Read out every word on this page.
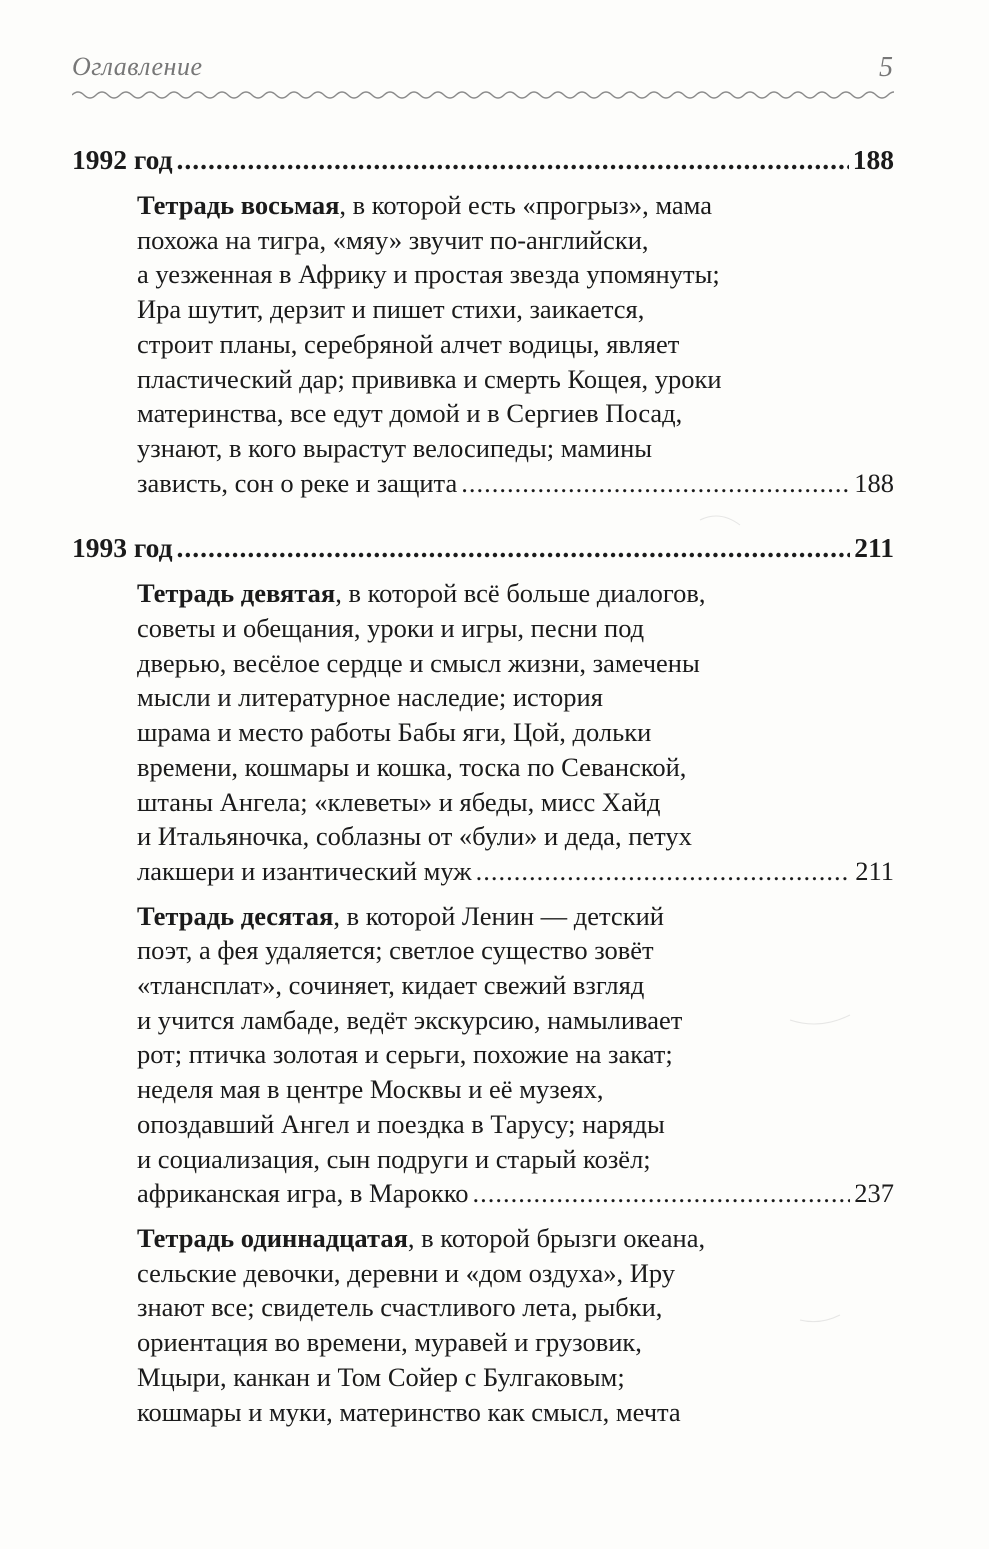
Оглавление	5
1992 год .....	188
Тетрадь восьмая, в которой есть «прогрыз», мама
похожа на тигра, «мяу» звучит по-английски,
а уезженная в Африку и простая звезда упомянуты;
Ира шутит, дерзит и пишет стихи, заикается,
строит планы, серебряной алчет водицы, являет
пластический дар; прививка и смерть Кощея, уроки
материнства, все едут домой и в Сергиев Посад,
узнают, в кого вырастут велосипеды; мамины
зависть, сон о реке и защита .....	188
1993 год .....	211
Тетрадь девятая, в которой всё больше диалогов,
советы и обещания, уроки и игры, песни под
дверью, весёлое сердце и смысл жизни, замечены
мысли и литературное наследие; история
шрама и место работы Бабы яги, Цой, дольки
времени, кошмары и кошка, тоска по Севанской,
штаны Ангела; «клеветы» и ябеды, мисс Хайд
и Итальяночка, соблазны от «були» и деда, петух
лакшери и изантический муж .....	211
Тетрадь десятая, в которой Ленин — детский
поэт, а фея удаляется; светлое существо зовёт
«тлансплат», сочиняет, кидает свежий взгляд
и учится ламбаде, ведёт экскурсию, намыливает
рот; птичка золотая и серьги, похожие на закат;
неделя мая в центре Москвы и её музеях,
опоздавший Ангел и поездка в Тарусу; наряды
и социализация, сын подруги и старый козёл;
африканская игра, в Марокко .....	237
Тетрадь одиннадцатая, в которой брызги океана,
сельские девочки, деревни и «дом оздуха», Иру
знают все; свидетель счастливого лета, рыбки,
ориентация во времени, муравей и грузовик,
Мцыри, канкан и Том Сойер с Булгаковым;
кошмары и муки, материнство как смысл, мечта
